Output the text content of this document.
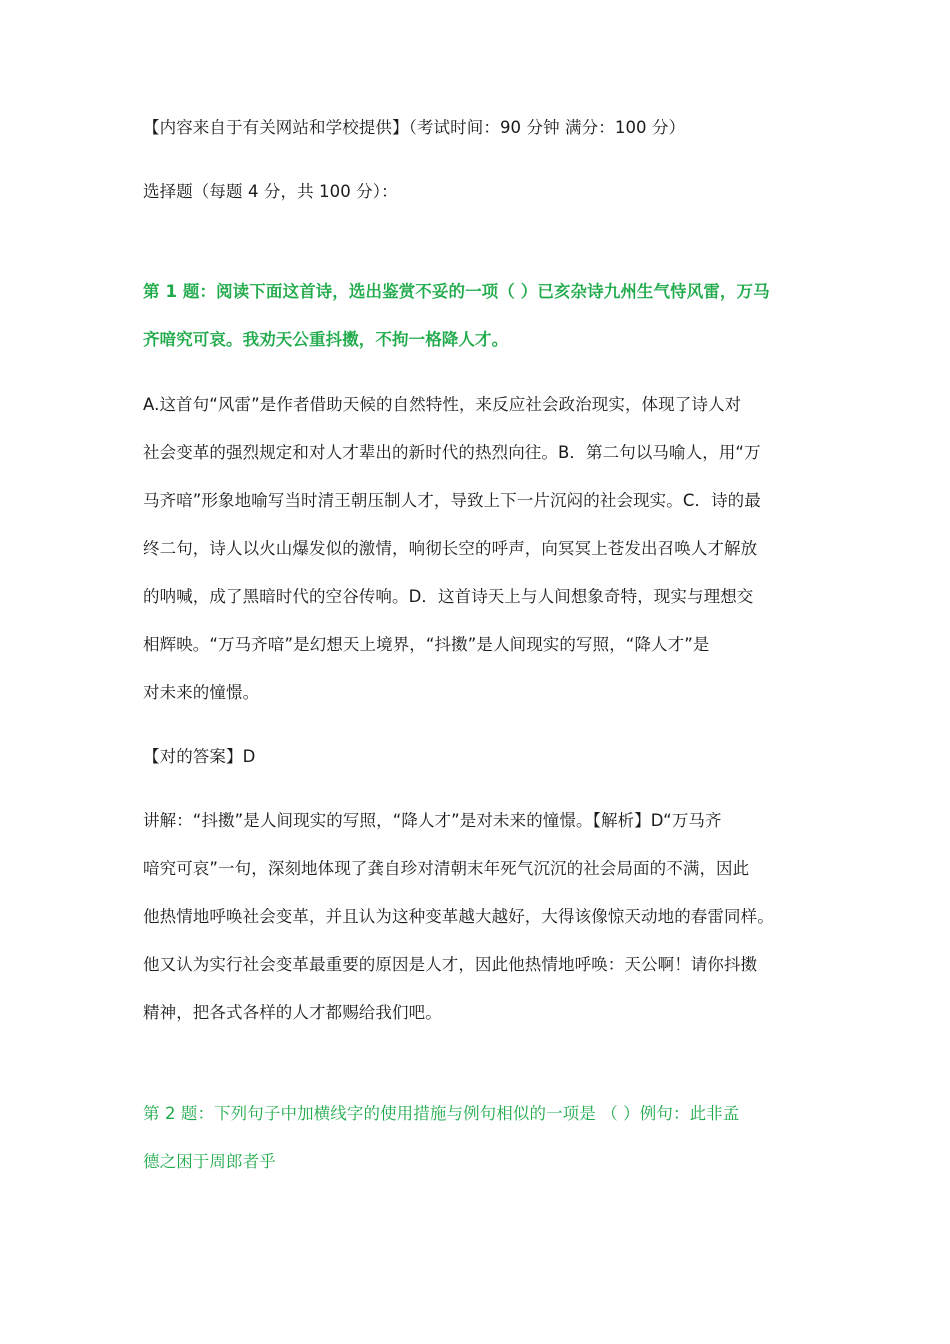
【内容来自于有关网站和学校提供】（考试时间：90 分钟 满分：100 分）

选择题（每题 4 分，共 100 分）：

第 1 题：阅读下面这首诗，选出鉴赏不妥的一项（ ）已亥杂诗九州生气恃风雷，万马
齐喑究可哀。我劝天公重抖擞，不拘一格降人才。

A.这首句“风雷”是作者借助天候的自然特性，来反应社会政治现实，体现了诗人对
社会变革的强烈规定和对人才辈出的新时代的热烈向往。B．第二句以马喻人，用“万
马齐喑”形象地喻写当时清王朝压制人才，导致上下一片沉闷的社会现实。C．诗的最
终二句，诗人以火山爆发似的激情，响彻长空的呼声，向冥冥上苍发出召唤人才解放
的呐喊，成了黑暗时代的空谷传响。D．这首诗天上与人间想象奇特，现实与理想交
相辉映。“万马齐喑”是幻想天上境界，“抖擞”是人间现实的写照，“降人才”是
对未来的憧憬。

【对的答案】D

讲解：“抖擞”是人间现实的写照，“降人才”是对未来的憧憬。【解析】D“万马齐
喑究可哀”一句，深刻地体现了龚自珍对清朝末年死气沉沉的社会局面的不满，因此
他热情地呼唤社会变革，并且认为这种变革越大越好，大得该像惊天动地的春雷同样。
他又认为实行社会变革最重要的原因是人才，因此他热情地呼唤：天公啊！请你抖擞
精神，把各式各样的人才都赐给我们吧。

第 2 题：下列句子中加横线字的使用措施与例句相似的一项是 （ ）例句：此非孟
德之困于周郎者乎
